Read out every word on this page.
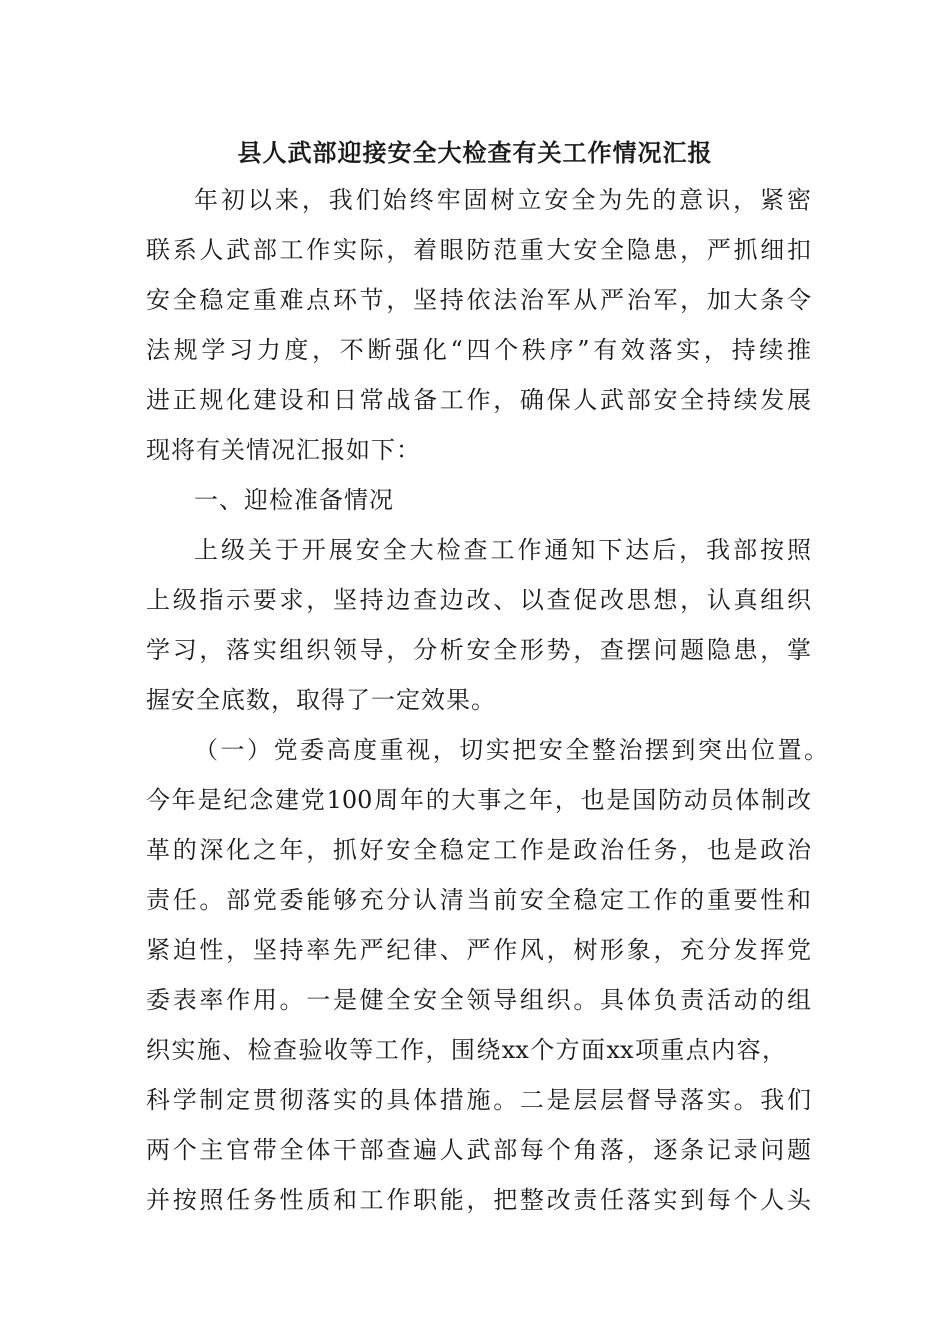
县人武部迎接安全大检查有关工作情况汇报
年初以来，我们始终牢固树立安全为先的意识，紧密
联系人武部工作实际，着眼防范重大安全隐患，严抓细扣
安全稳定重难点环节，坚持依法治军从严治军，加大条令
法规学习力度，不断强化“四个秩序”有效落实，持续推
进正规化建设和日常战备工作，确保人武部安全持续发展
现将有关情况汇报如下：
一、迎检准备情况
上级关于开展安全大检查工作通知下达后，我部按照
上级指示要求，坚持边查边改、以查促改思想，认真组织
学习，落实组织领导，分析安全形势，查摆问题隐患，掌
握安全底数，取得了一定效果。
（一）党委高度重视，切实把安全整治摆到突出位置。
今年是纪念建党100周年的大事之年，也是国防动员体制改
革的深化之年，抓好安全稳定工作是政治任务，也是政治
责任。部党委能够充分认清当前安全稳定工作的重要性和
紧迫性，坚持率先严纪律、严作风，树形象，充分发挥党
委表率作用。一是健全安全领导组织。具体负责活动的组
织实施、检查验收等工作，围绕xx个方面xx项重点内容，
科学制定贯彻落实的具体措施。二是层层督导落实。我们
两个主官带全体干部查遍人武部每个角落，逐条记录问题
并按照任务性质和工作职能，把整改责任落实到每个人头
